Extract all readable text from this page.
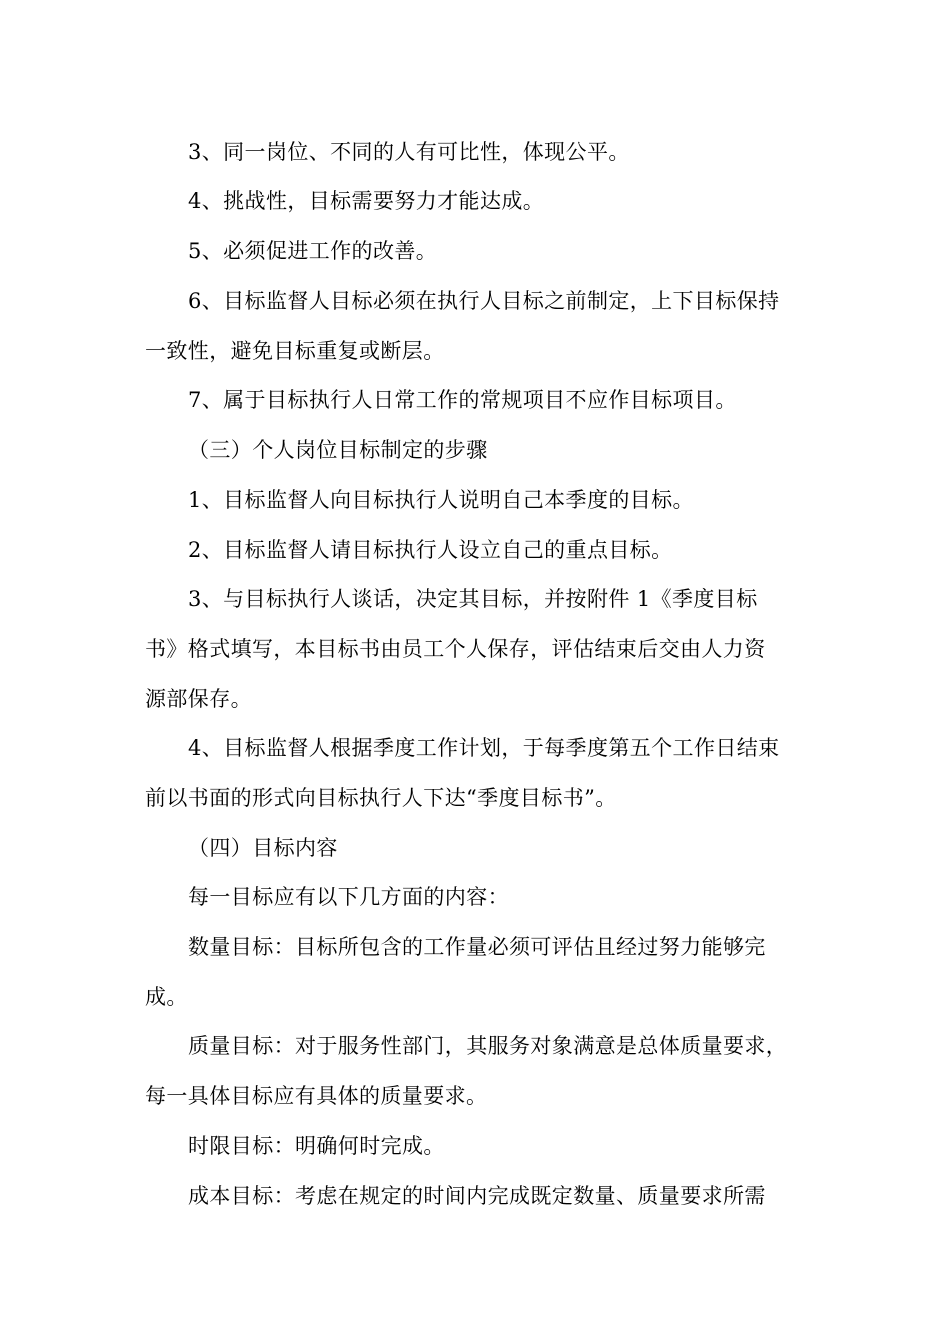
3、同一岗位、不同的人有可比性，体现公平。
4、挑战性，目标需要努力才能达成。
5、必须促进工作的改善。
6、目标监督人目标必须在执行人目标之前制定，上下目标保持
一致性，避免目标重复或断层。
7、属于目标执行人日常工作的常规项目不应作目标项目。
（三）个人岗位目标制定的步骤
1、目标监督人向目标执行人说明自己本季度的目标。
2、目标监督人请目标执行人设立自己的重点目标。
3、与目标执行人谈话，决定其目标，并按附件 1《季度目标
书》格式填写，本目标书由员工个人保存，评估结束后交由人力资
源部保存。
4、目标监督人根据季度工作计划，于每季度第五个工作日结束
前以书面的形式向目标执行人下达“季度目标书”。
（四）目标内容
每一目标应有以下几方面的内容：
数量目标：目标所包含的工作量必须可评估且经过努力能够完
成。
质量目标：对于服务性部门，其服务对象满意是总体质量要求，
每一具体目标应有具体的质量要求。
时限目标：明确何时完成。
成本目标：考虑在规定的时间内完成既定数量、质量要求所需
